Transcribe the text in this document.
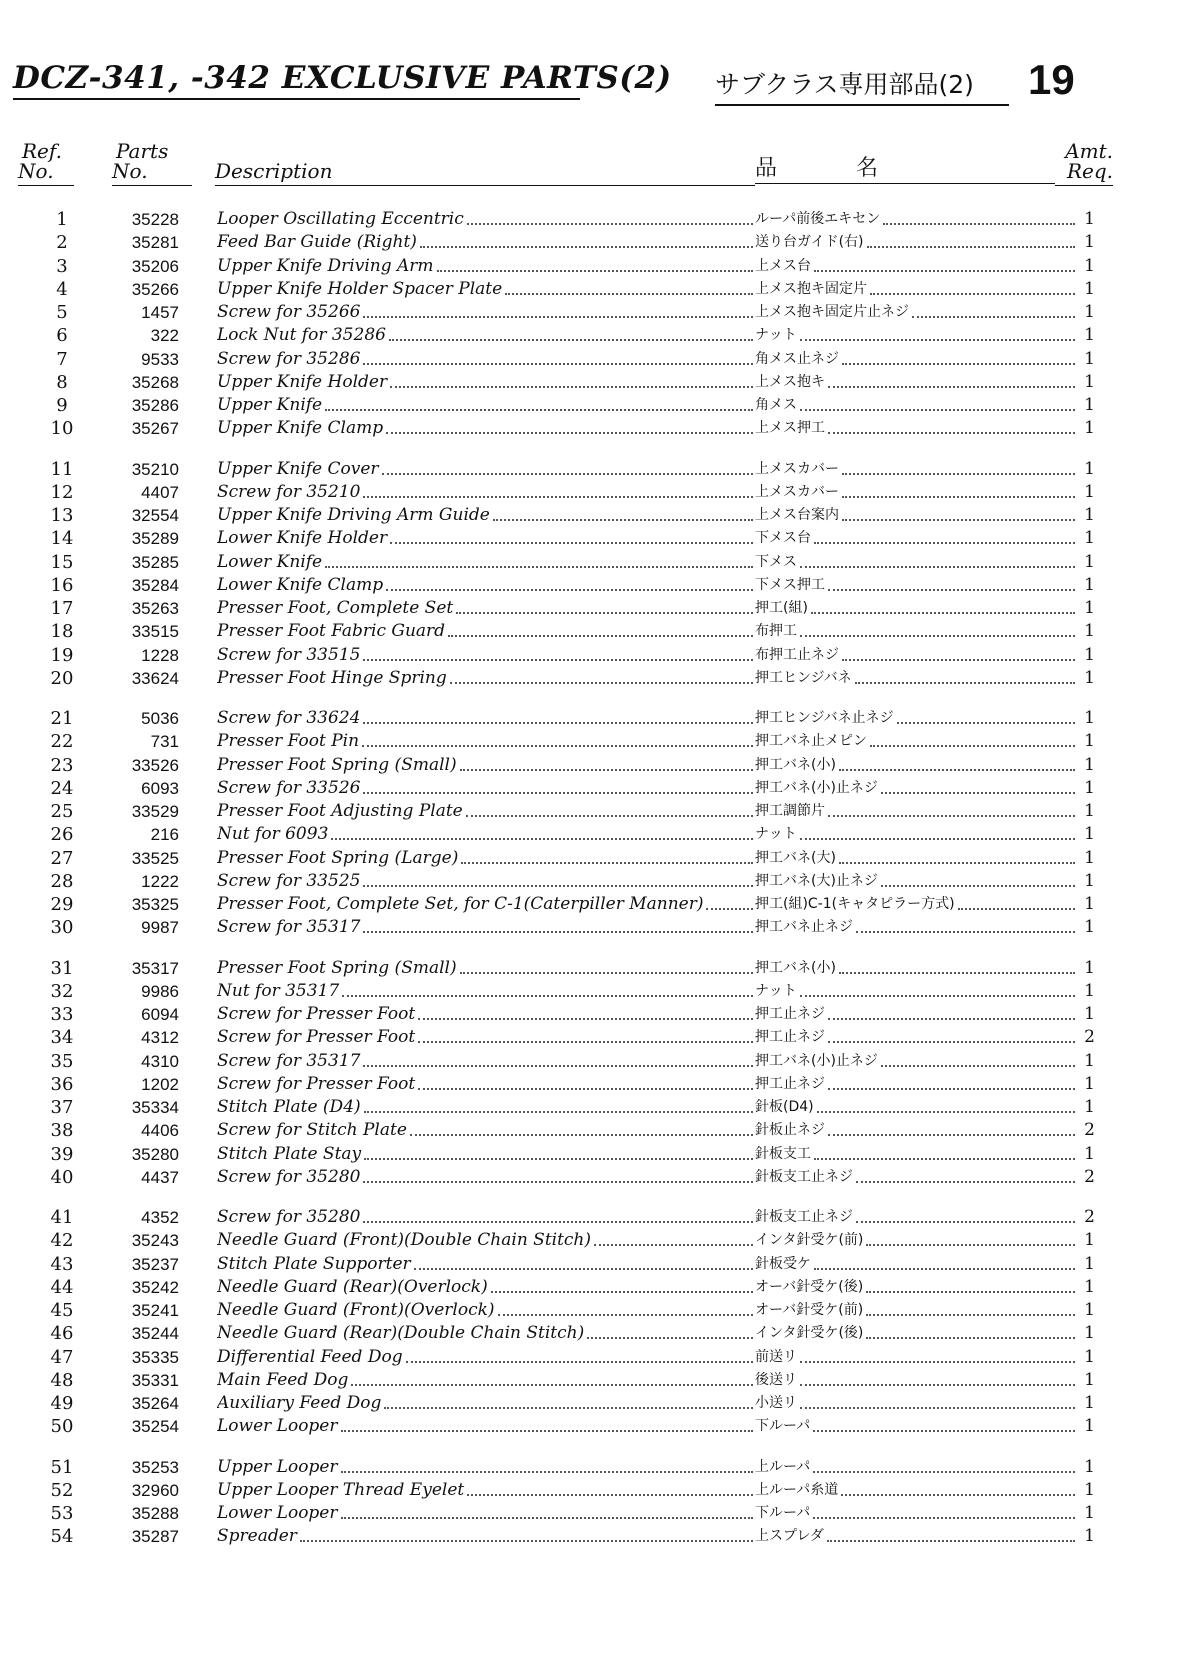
DCZ-341, -342 EXCLUSIVE PARTS(2) サブクラス専用部品(2)	19
Ref.
No.
Parts
No.	Description	品	名
Amt.
Req.
1	35228 Looper Oscillating Eccentric	ルーパ前後エキセン	1
2	35281 Feed Bar Guide (Right)	送り台ガイド(右)	1
3	35206 Upper Knife Driving Arm	上メス台	1
4	35266 Upper Knife Holder Spacer Plate	上メス抱キ固定片	1
5	1457 Screw for 35266	上メス抱キ固定片止ネジ	1
6	322 Lock Nut for 35286	ナット	1
7	9533 Screw for 35286	角メス止ネジ	1
8	35268 Upper Knife Holder	上メス抱キ	1
9	35286 Upper Knife	角メス	1
10	35267 Upper Knife Clamp	上メス押工	1
11	35210 Upper Knife Cover	上メスカバー	1
12	4407 Screw for 35210	上メスカバー	1
13	32554 Upper Knife Driving Arm Guide	上メス台案内	1
14	35289 Lower Knife Holder	下メス台	1
15	35285 Lower Knife	下メス	1
16	35284 Lower Knife Clamp	下メス押工	1
17	35263 Presser Foot, Complete Set	押工(組)	1
18	33515 Presser Foot Fabric Guard	布押工	1
19	1228 Screw for 33515	布押工止ネジ	1
20	33624 Presser Foot Hinge Spring	押工ヒンジバネ	1
21	5036 Screw for 33624	押工ヒンジバネ止ネジ	1
22	731 Presser Foot Pin	押工バネ止メピン	1
23	33526 Presser Foot Spring (Small)	押工バネ(小)	1
24	6093 Screw for 33526	押工バネ(小)止ネジ	1
25	33529 Presser Foot Adjusting Plate	押工調節片	1
26	216 Nut for 6093	ナット	1
27	33525 Presser Foot Spring (Large)	押工バネ(大)	1
28	1222 Screw for 33525	押工バネ(大)止ネジ	1
29	35325 Presser Foot, Complete Set, for C-1(Caterpiller Manner)	押工(組)C-1(キャタピラー方式)	1
30	9987 Screw for 35317	押工バネ止ネジ	1
31	35317 Presser Foot Spring (Small)	押工バネ(小)	1
32	9986 Nut for 35317	ナット	1
33	6094 Screw for Presser Foot	押工止ネジ	1
34	4312 Screw for Presser Foot	押工止ネジ	2
35	4310 Screw for 35317	押工バネ(小)止ネジ	1
36	1202 Screw for Presser Foot	押工止ネジ	1
37	35334 Stitch Plate (D4)	針板(D4)	1
38	4406 Screw for Stitch Plate	針板止ネジ	2
39	35280 Stitch Plate Stay	針板支工	1
40	4437 Screw for 35280	針板支工止ネジ	2
41	4352 Screw for 35280	針板支工止ネジ	2
42	35243 Needle Guard (Front)(Double Chain Stitch)	インタ針受ケ(前)	1
43	35237 Stitch Plate Supporter	針板受ケ	1
44	35242 Needle Guard (Rear)(Overlock)	オーバ針受ケ(後)	1
45	35241 Needle Guard (Front)(Overlock)	オーバ針受ケ(前)	1
46	35244 Needle Guard (Rear)(Double Chain Stitch)	インタ針受ケ(後)	1
47	35335 Differential Feed Dog	前送リ	1
48	35331 Main Feed Dog	後送リ	1
49	35264 Auxiliary Feed Dog	小送リ	1
50	35254 Lower Looper	下ルーパ	1
51	35253 Upper Looper	上ルーパ	1
52	32960 Upper Looper Thread Eyelet	上ルーパ糸道	1
53	35288 Lower Looper	下ルーパ	1
54	35287 Spreader	上スプレダ	1
